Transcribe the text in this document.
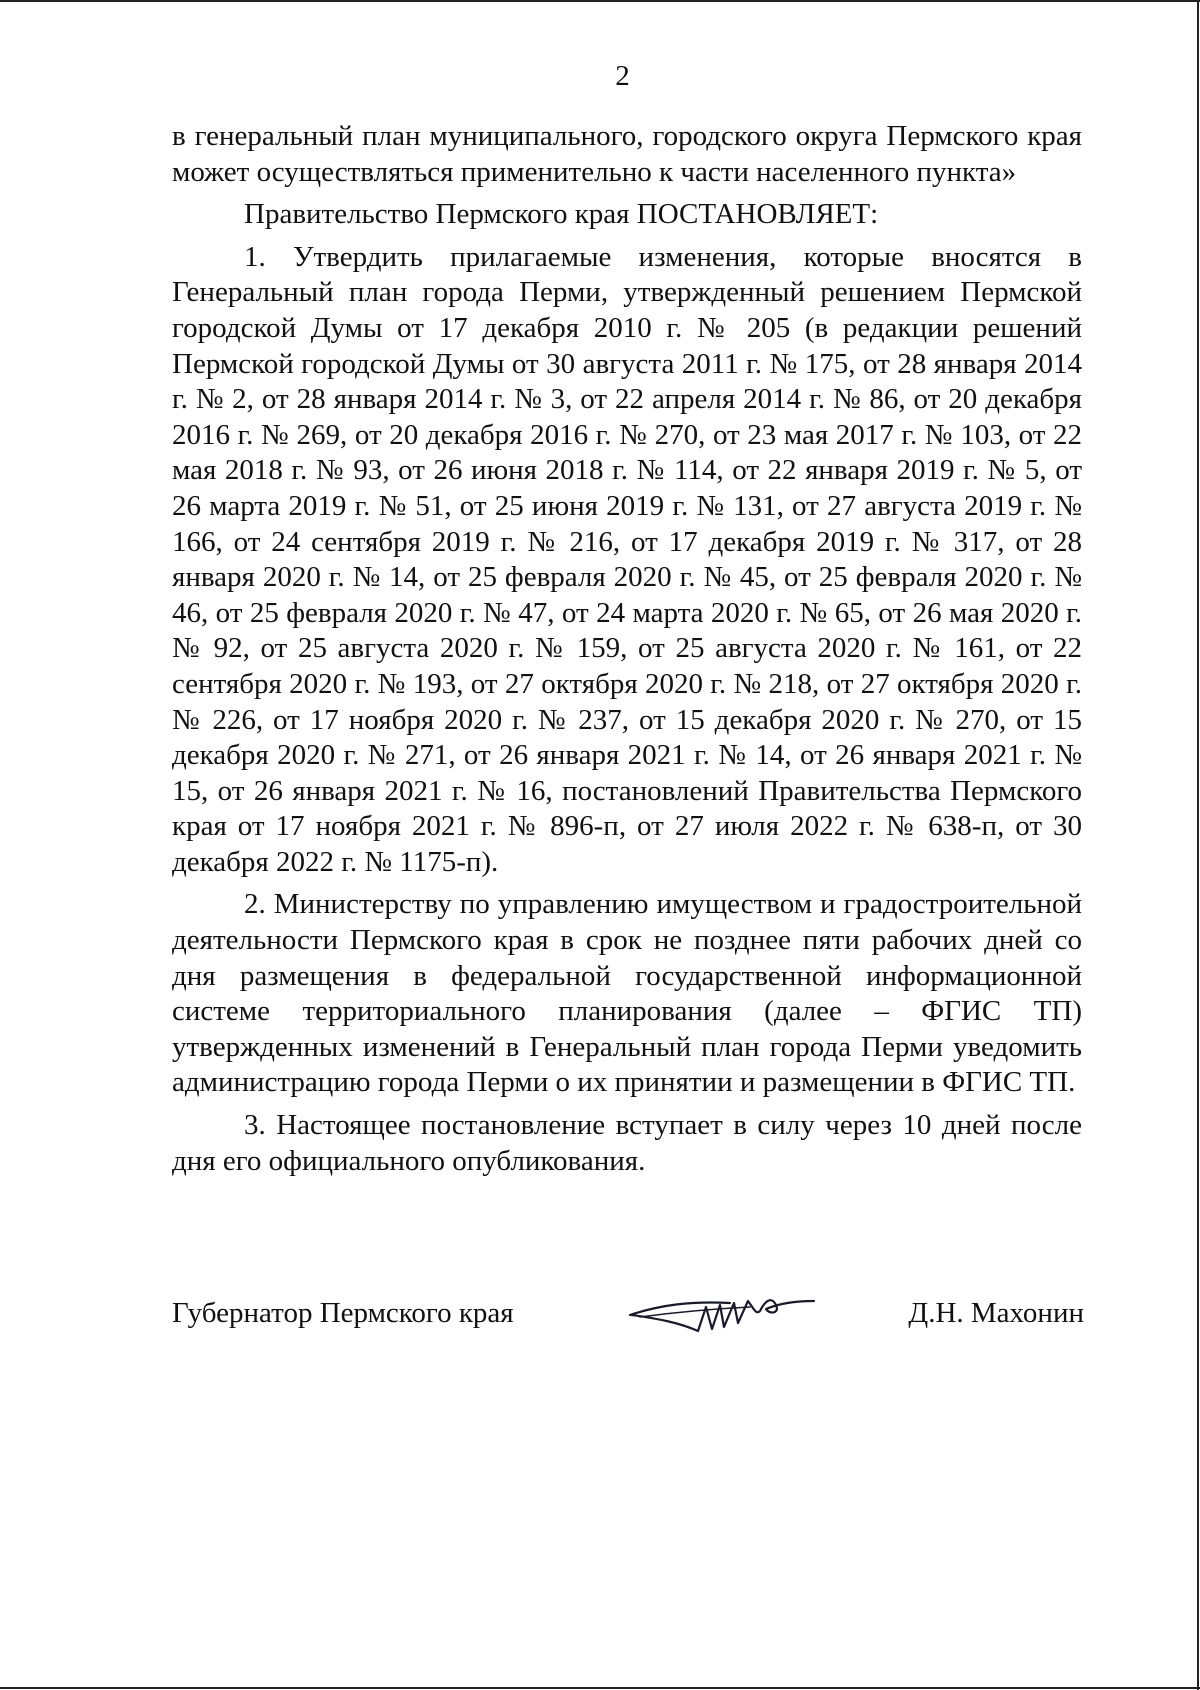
2

в генеральный план муниципального, городского округа Пермского края может осуществляться применительно к части населенного пункта»

Правительство Пермского края ПОСТАНОВЛЯЕТ:

1. Утвердить прилагаемые изменения, которые вносятся в Генеральный план города Перми, утвержденный решением Пермской городской Думы от 17 декабря 2010 г. № 205 (в редакции решений Пермской городской Думы от 30 августа 2011 г. № 175, от 28 января 2014 г. № 2, от 28 января 2014 г. № 3, от 22 апреля 2014 г. № 86, от 20 декабря 2016 г. № 269, от 20 декабря 2016 г. № 270, от 23 мая 2017 г. № 103, от 22 мая 2018 г. № 93, от 26 июня 2018 г. № 114, от 22 января 2019 г. № 5, от 26 марта 2019 г. № 51, от 25 июня 2019 г. № 131, от 27 августа 2019 г. № 166, от 24 сентября 2019 г. № 216, от 17 декабря 2019 г. № 317, от 28 января 2020 г. № 14, от 25 февраля 2020 г. № 45, от 25 февраля 2020 г. № 46, от 25 февраля 2020 г. № 47, от 24 марта 2020 г. № 65, от 26 мая 2020 г. № 92, от 25 августа 2020 г. № 159, от 25 августа 2020 г. № 161, от 22 сентября 2020 г. № 193, от 27 октября 2020 г. № 218, от 27 октября 2020 г. № 226, от 17 ноября 2020 г. № 237, от 15 декабря 2020 г. № 270, от 15 декабря 2020 г. № 271, от 26 января 2021 г. № 14, от 26 января 2021 г. № 15, от 26 января 2021 г. № 16, постановлений Правительства Пермского края от 17 ноября 2021 г. № 896-п, от 27 июля 2022 г. № 638-п, от 30 декабря 2022 г. № 1175-п).

2. Министерству по управлению имуществом и градостроительной деятельности Пермского края в срок не позднее пяти рабочих дней со дня размещения в федеральной государственной информационной системе территориального планирования (далее – ФГИС ТП) утвержденных изменений в Генеральный план города Перми уведомить администрацию города Перми о их принятии и размещении в ФГИС ТП.

3. Настоящее постановление вступает в силу через 10 дней после дня его официального опубликования.

Губернатор Пермского края	Д.Н. Махонин
